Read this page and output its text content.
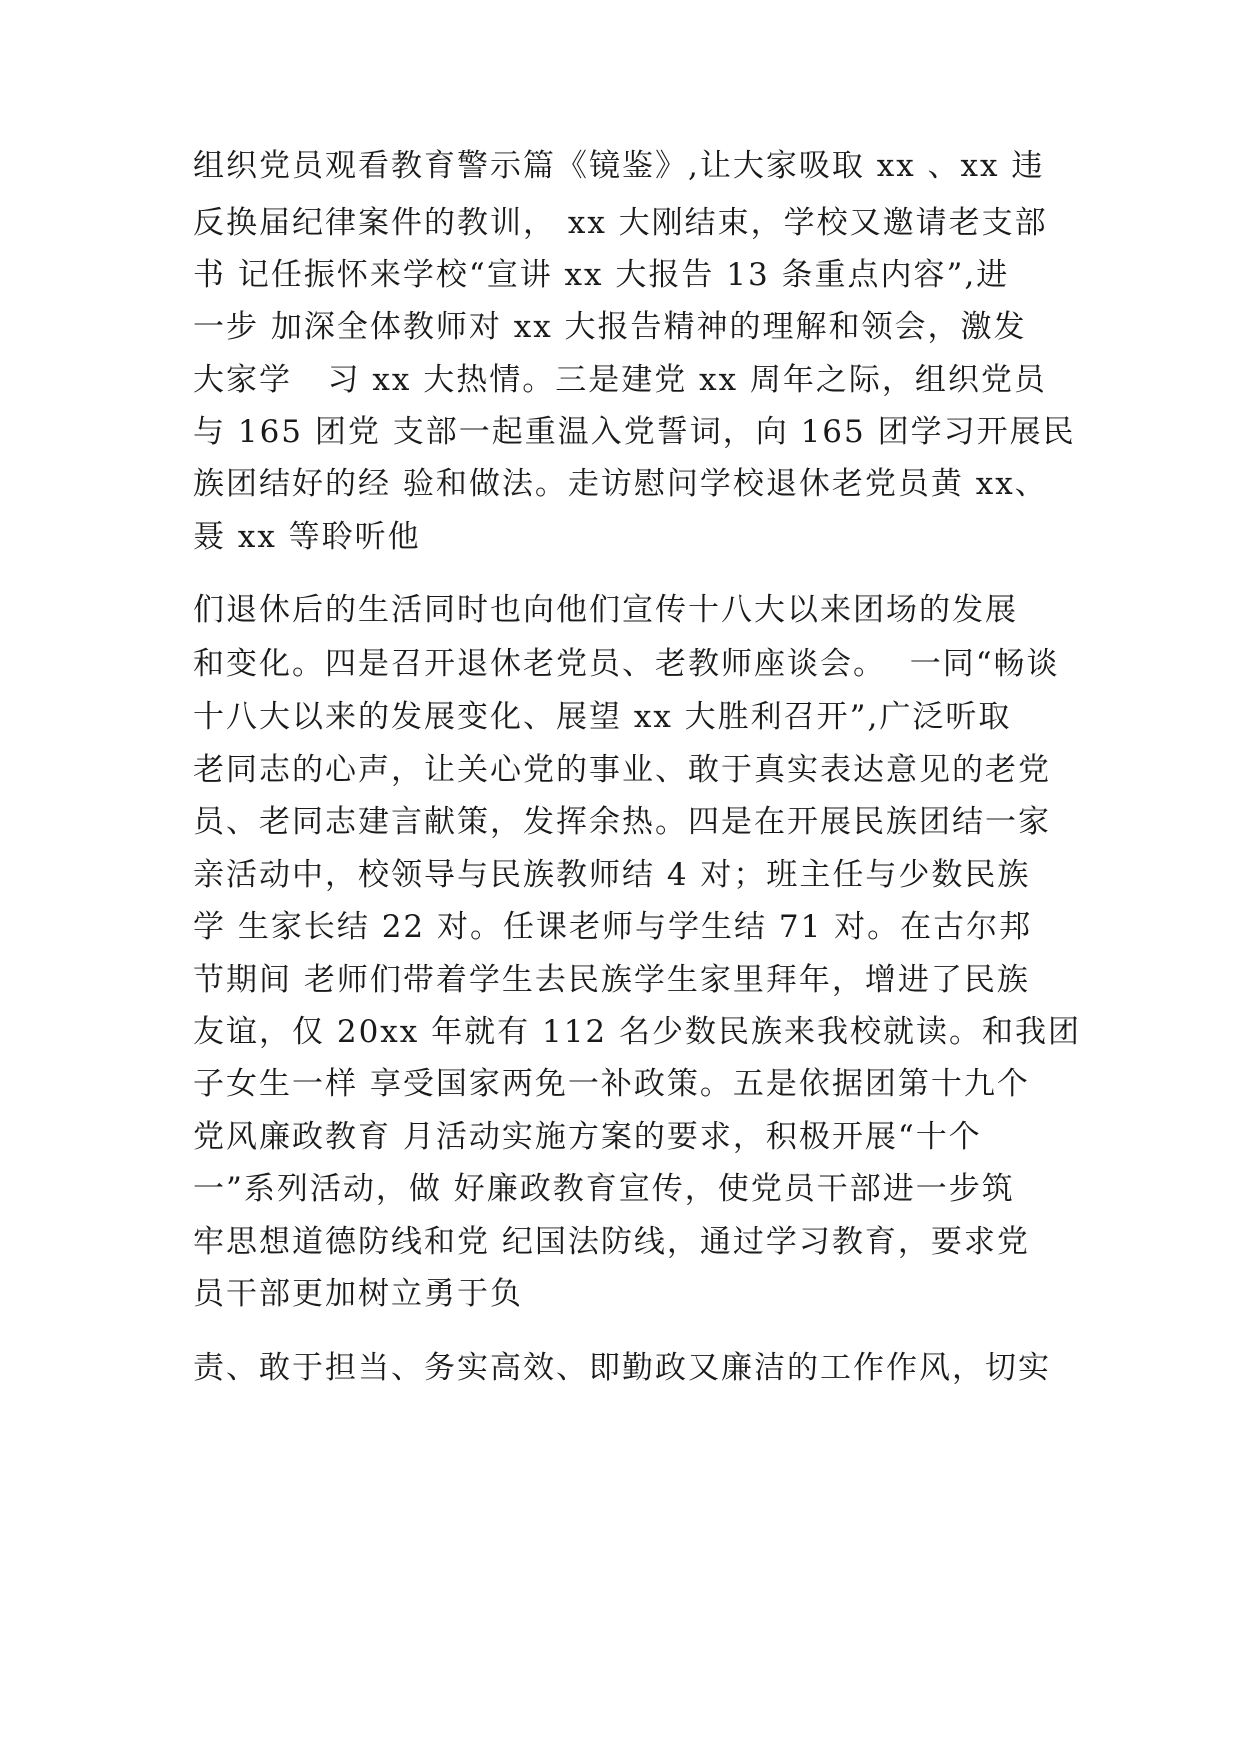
组织党员观看教育警示篇《镜鉴》,让大家吸取 xx 、xx 违
反换届纪律案件的教训， xx 大刚结束，学校又邀请老支部
书 记任振怀来学校“宣讲 xx 大报告 13 条重点内容”,进
一步 加深全体教师对 xx 大报告精神的理解和领会，激发
大家学   习 xx 大热情。三是建党 xx 周年之际，组织党员
与 165 团党 支部一起重温入党誓词，向 165 团学习开展民
族团结好的经 验和做法。走访慰问学校退休老党员黄 xx、
聂 xx 等聆听他
们退休后的生活同时也向他们宣传十八大以来团场的发展
和变化。四是召开退休老党员、老教师座谈会。  一同“畅谈
十八大以来的发展变化、展望 xx 大胜利召开”,广泛听取
老同志的心声，让关心党的事业、敢于真实表达意见的老党
员、老同志建言献策，发挥余热。四是在开展民族团结一家
亲活动中，校领导与民族教师结 4 对；班主任与少数民族
学 生家长结 22 对。任课老师与学生结 71 对。在古尔邦
节期间 老师们带着学生去民族学生家里拜年，增进了民族
友谊，仅 20xx 年就有 112 名少数民族来我校就读。和我团
子女生一样 享受国家两免一补政策。五是依据团第十九个
党风廉政教育 月活动实施方案的要求，积极开展“十个
一”系列活动，做 好廉政教育宣传，使党员干部进一步筑
牢思想道德防线和党 纪国法防线，通过学习教育，要求党
员干部更加树立勇于负
责、敢于担当、务实高效、即勤政又廉洁的工作作风，切实
